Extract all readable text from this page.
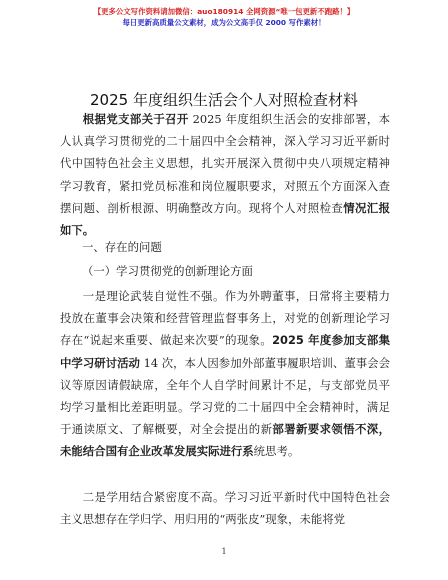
【更多公文写作资料请加微信：auo180914 全网资源“唯一包更新不跑路！】
每日更新高质量公文素材，成为公文高手仅 2000 写作素材！
2025 年度组织生活会个人对照检查材料

根据党支部关于召开 2025 年度组织生活会的安排部署，本人认真学习贯彻党的二十届四中全会精神，深入学习习近平新时代中国特色社会主义思想，扎实开展深入贯彻中央八项规定精神学习教育，紧扣党员标准和岗位履职要求，对照五个方面深入查摆问题、剖析根源、明确整改方向。现将个人对照检查情况汇报如下。

一、存在的问题
（一）学习贯彻党的创新理论方面

一是理论武装自觉性不强。作为外聘董事，日常将主要精力投放在董事会决策和经营管理监督事务上，对党的创新理论学习存在“说起来重要、做起来次要”的现象。2025 年度参加支部集中学习研讨活动 14 次，本人因参加外部董事履职培训、董事会会议等原因请假缺席，全年个人自学时间累计不足，与支部党员平均学习量相比差距明显。学习党的二十届四中全会精神时，满足于通读原文、了解概要，对全会提出的新部署新要求领悟不深，未能结合国有企业改革发展实际进行系统思考。

二是学用结合紧密度不高。学习习近平新时代中国特色社会主义思想存在学归学、用归用的“两张皮”现象，未能将党

1
